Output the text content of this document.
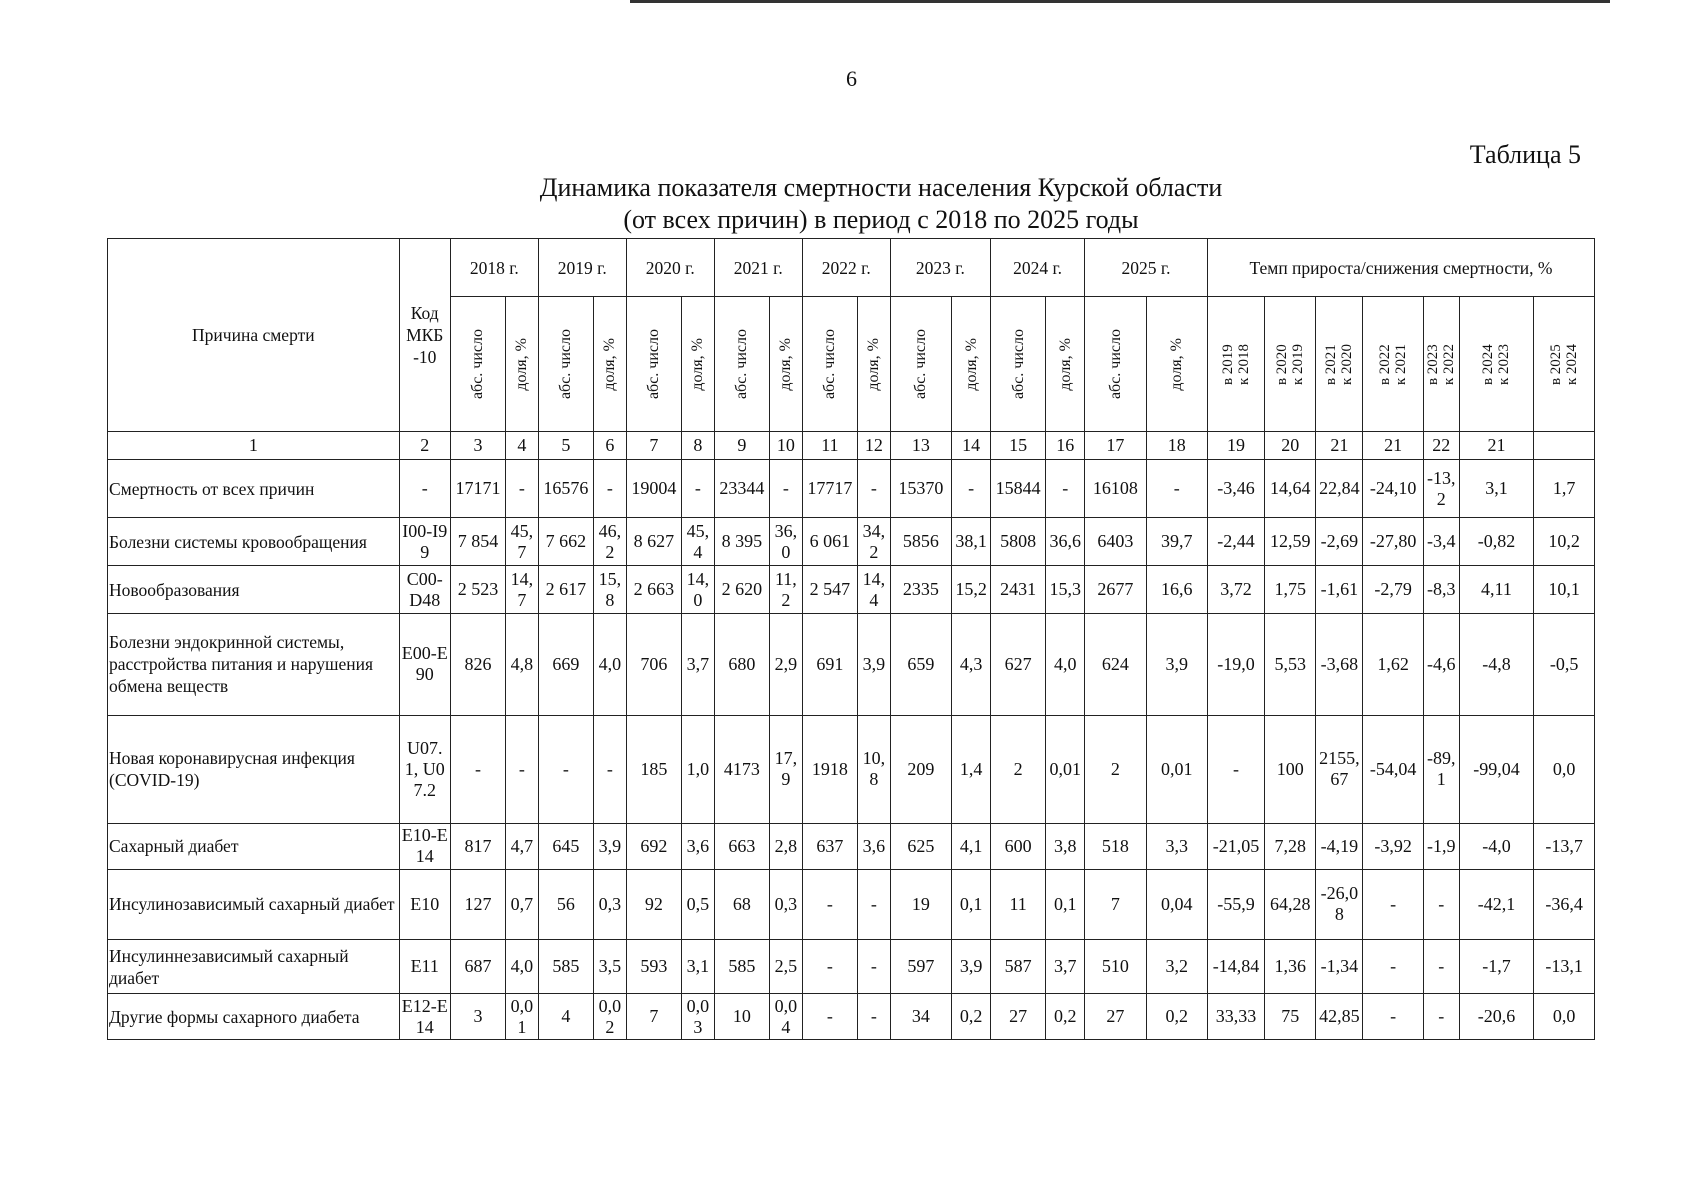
6
Таблица 5
Динамика показателя смертности населения Курской области
(от всех причин) в период с 2018 по 2025 годы
Причина смерти	Код МКБ -10	2018 г.		2019 г.		2020 г.		2021 г.		2022 г.		2023 г.		2024 г.		2025 г.		Темп прироста/снижения смертности, %						

		абс. число	доля, %	абс. число	доля, %	абс. число	доля, %	абс. число	доля, %	абс. число	доля, %	абс. число	доля, %	абс. число	доля, %	абс. число	доля, %	в 2019
к 2018	в 2020
к 2019	в 2021
к 2020	в 2022
к 2021	в 2023
к 2022	в 2024
к 2023	в 2025
к 2024

1	2	3	4	5	6	7	8	9	10	11	12	13	14	15	16	17	18	19	20	21	21	22	21	
Смертность от всех причин	-	17171	-	16576	-	19004	-	23344	-	17717	-	15370	-	15844	-	16108	-	-3,46	14,64	22,84	-24,10	-13,2	3,1	1,7
Болезни системы кровообращения	I00-I99	7 854	45,7	7 662	46,2	8 627	45,4	8 395	36,0	6 061	34,2	5856	38,1	5808	36,6	6403	39,7	-2,44	12,59	-2,69	-27,80	-3,4	-0,82	10,2
Новообразования	C00-D48	2 523	14,7	2 617	15,8	2 663	14,0	2 620	11,2	2 547	14,4	2335	15,2	2431	15,3	2677	16,6	3,72	1,75	-1,61	-2,79	-8,3	4,11	10,1
Болезни эндокринной системы, расстройства питания и нарушения обмена веществ	E00-E90	826	4,8	669	4,0	706	3,7	680	2,9	691	3,9	659	4,3	627	4,0	624	3,9	-19,0	5,53	-3,68	1,62	-4,6	-4,8	-0,5
Новая коронавирусная инфекция (COVID-19)	U07.1, U07.2	-	-	-	-	185	1,0	4173	17,9	1918	10,8	209	1,4	2	0,01	2	0,01	-	100	2155,67	-54,04	-89,1	-99,04	0,0
Сахарный диабет	E10-E14	817	4,7	645	3,9	692	3,6	663	2,8	637	3,6	625	4,1	600	3,8	518	3,3	-21,05	7,28	-4,19	-3,92	-1,9	-4,0	-13,7
Инсулинозависимый сахарный диабет	E10	127	0,7	56	0,3	92	0,5	68	0,3	-	-	19	0,1	11	0,1	7	0,04	-55,9	64,28	-26,08	-	-	-42,1	-36,4
Инсулиннезависимый сахарный диабет	E11	687	4,0	585	3,5	593	3,1	585	2,5	-	-	597	3,9	587	3,7	510	3,2	-14,84	1,36	-1,34	-	-	-1,7	-13,1
Другие формы сахарного диабета	E12-E14	3	0,01	4	0,02	7	0,03	10	0,04	-	-	34	0,2	27	0,2	27	0,2	33,33	75	42,85	-	-	-20,6	0,0
